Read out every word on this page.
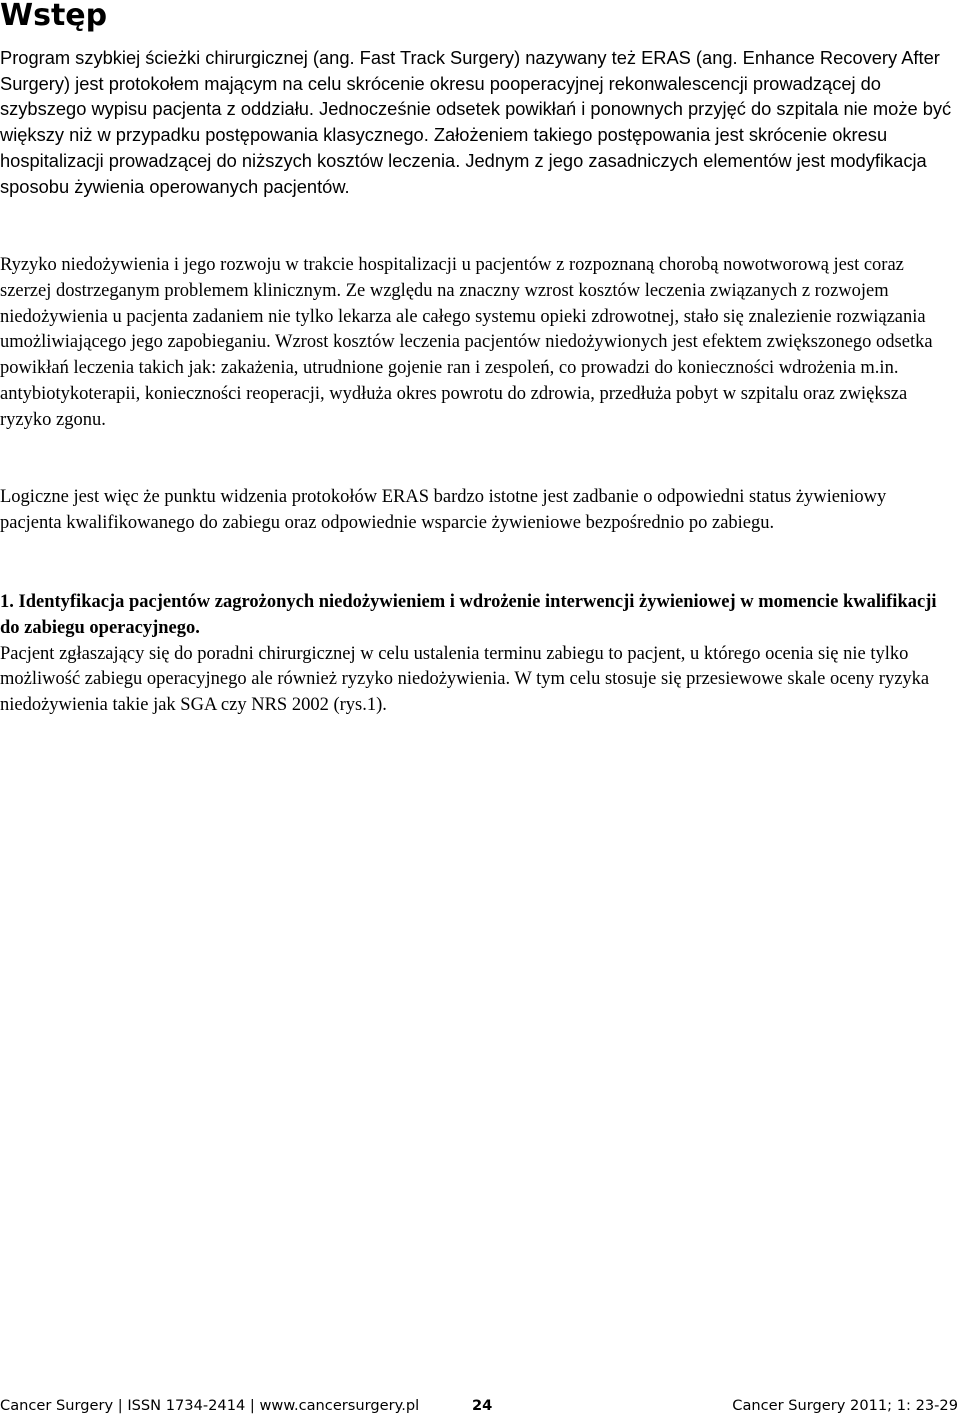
Wstęp

Program szybkiej ścieżki chirurgicznej (ang. Fast Track Surgery) nazywany też ERAS (ang. Enhance Recovery After Surgery) jest protokołem mającym na celu skrócenie okresu pooperacyjnej rekonwalescencji prowadzącej do szybszego wypisu pacjenta z oddziału. Jednocześnie odsetek powikłań i ponownych przyjęć do szpitala nie może być większy niż w przypadku postępowania klasycznego. Założeniem takiego postępowania jest skrócenie okresu hospitalizacji prowadzącej do niższych kosztów leczenia. Jednym z jego zasadniczych elementów jest modyfikacja sposobu żywienia operowanych pacjentów.

Ryzyko niedożywienia i jego rozwoju w trakcie hospitalizacji u pacjentów z rozpoznaną chorobą nowotworową jest coraz szerzej dostrzeganym problemem klinicznym. Ze względu na znaczny wzrost kosztów leczenia związanych z rozwojem niedożywienia u pacjenta zadaniem nie tylko lekarza ale całego systemu opieki zdrowotnej, stało się znalezienie rozwiązania umożliwiającego jego zapobieganiu. Wzrost kosztów leczenia pacjentów niedożywionych jest efektem zwiększonego odsetka powikłań leczenia takich jak: zakażenia, utrudnione gojenie ran i zespoleń, co prowadzi do konieczności wdrożenia m.in. antybiotykoterapii, konieczności reoperacji, wydłuża okres powrotu do zdrowia, przedłuża pobyt w szpitalu oraz zwiększa ryzyko zgonu.

Logiczne jest więc że punktu widzenia protokołów ERAS bardzo istotne jest zadbanie o odpowiedni status żywieniowy pacjenta kwalifikowanego do zabiegu oraz odpowiednie wsparcie żywieniowe bezpośrednio po zabiegu.

1. Identyfikacja pacjentów zagrożonych niedożywieniem i wdrożenie interwencji żywieniowej w momencie kwalifikacji do zabiegu operacyjnego.

Pacjent zgłaszający się do poradni chirurgicznej w celu ustalenia terminu zabiegu to pacjent, u którego ocenia się nie tylko możliwość zabiegu operacyjnego ale również ryzyko niedożywienia. W tym celu stosuje się przesiewowe skale oceny ryzyka niedożywienia takie jak SGA czy NRS 2002 (rys.1).

Cancer Surgery | ISSN 1734-2414 | www.cancersurgery.pl	24	Cancer Surgery 2011; 1: 23-29
